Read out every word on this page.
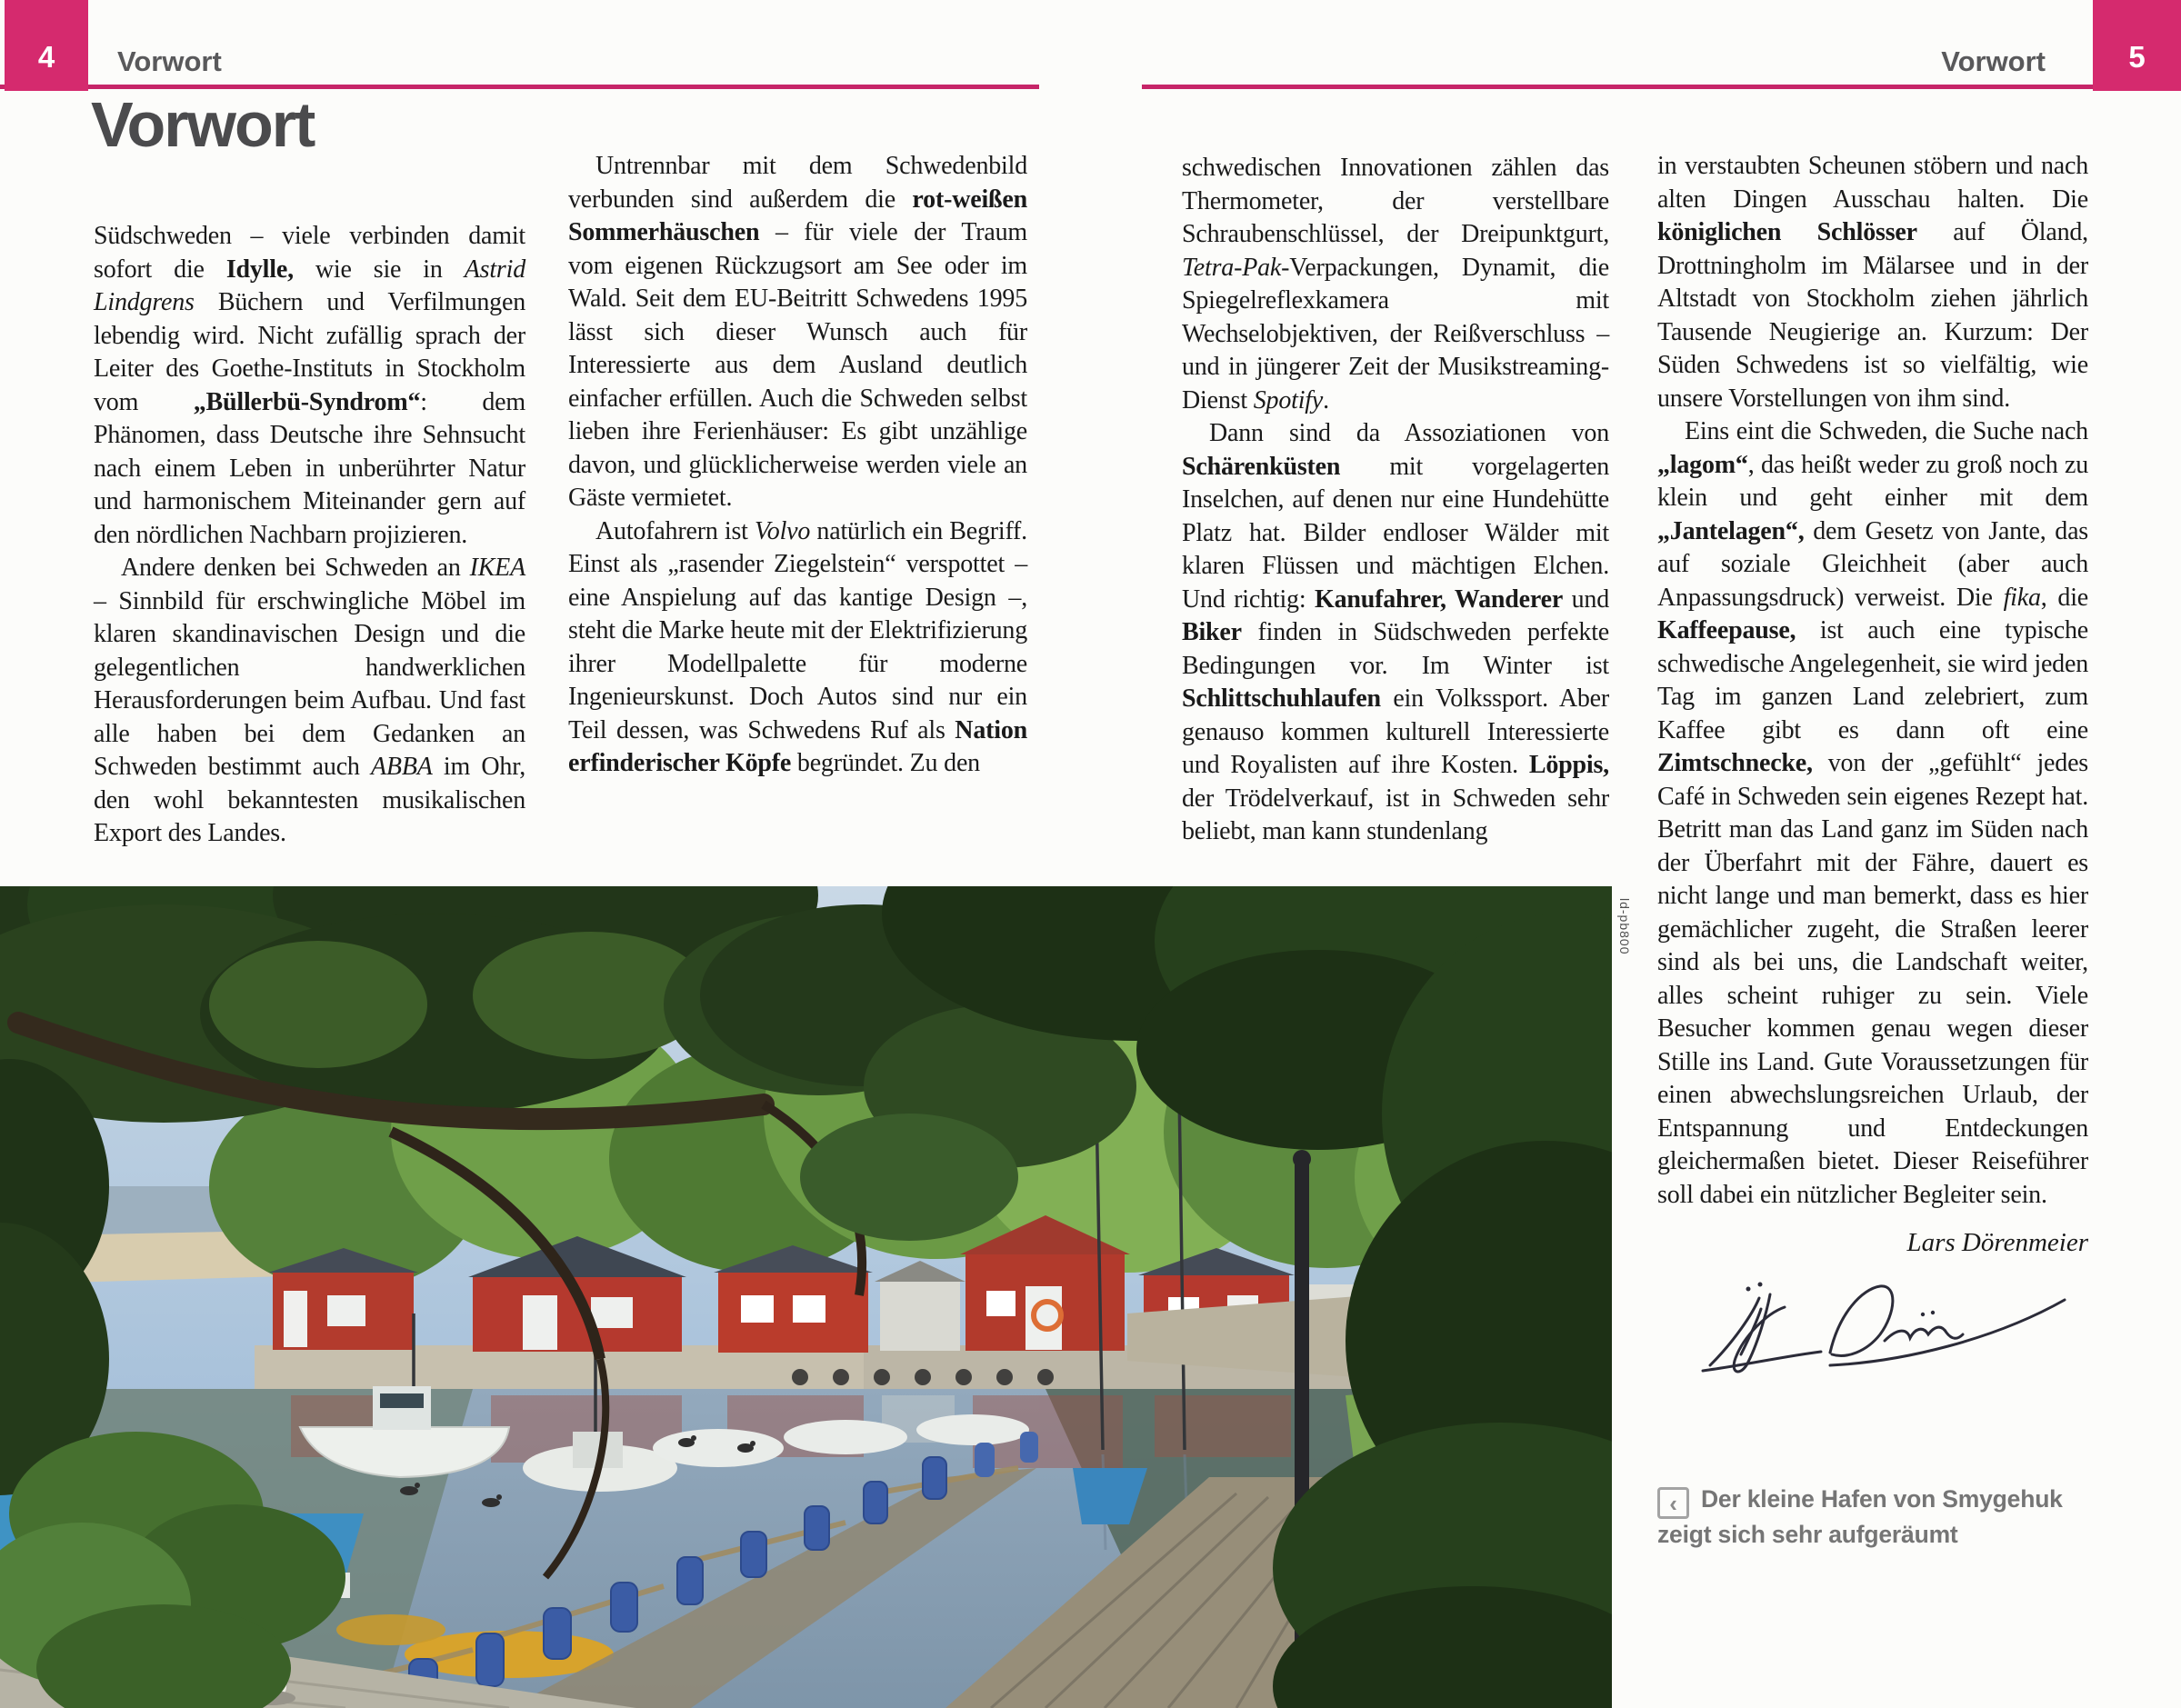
4	Vorwort	Vorwort	5
Vorwort

Südschweden – viele verbinden damit sofort die Idylle, wie sie in Astrid Lindgrens Büchern und Verfilmungen lebendig wird. Nicht zufällig sprach der Leiter des Goethe-Instituts in Stockholm vom „Büllerbü-Syndrom“: dem Phänomen, dass Deutsche ihre Sehnsucht nach einem Leben in unberührter Natur und harmonischem Miteinander gern auf den nördlichen Nachbarn projizieren.

Andere denken bei Schweden an IKEA – Sinnbild für erschwingliche Möbel im klaren skandinavischen Design und die gelegentlichen handwerklichen Herausforderungen beim Aufbau. Und fast alle haben bei dem Gedanken an Schweden bestimmt auch ABBA im Ohr, den wohl bekanntesten musikalischen Export des Landes.

Untrennbar mit dem Schwedenbild verbunden sind außerdem die rot-weißen Sommerhäuschen – für viele der Traum vom eigenen Rückzugsort am See oder im Wald. Seit dem EU-Beitritt Schwedens 1995 lässt sich dieser Wunsch auch für Interessierte aus dem Ausland deutlich einfacher erfüllen. Auch die Schweden selbst lieben ihre Ferienhäuser: Es gibt unzählige davon, und glücklicherweise werden viele an Gäste vermietet.

Autofahrern ist Volvo natürlich ein Begriff. Einst als „rasender Ziegelstein“ verspottet – eine Anspielung auf das kantige Design –, steht die Marke heute mit der Elektrifizierung ihrer Modellpalette für moderne Ingenieurskunst. Doch Autos sind nur ein Teil dessen, was Schwedens Ruf als Nation erfinderischer Köpfe begründet. Zu den

schwedischen Innovationen zählen das Thermometer, der verstellbare Schraubenschlüssel, der Dreipunktgurt, Tetra-Pak-Verpackungen, Dynamit, die Spiegelreflexkamera mit Wechselobjektiven, der Reißverschluss – und in jüngerer Zeit der Musikstreaming-Dienst Spotify.

Dann sind da Assoziationen von Schärenküsten mit vorgelagerten Inselchen, auf denen nur eine Hundehütte Platz hat. Bilder endloser Wälder mit klaren Flüssen und mächtigen Elchen. Und richtig: Kanufahrer, Wanderer und Biker finden in Südschweden perfekte Bedingungen vor. Im Winter ist Schlittschuhlaufen ein Volkssport. Aber genauso kommen kulturell Interessierte und Royalisten auf ihre Kosten. Löppis, der Trödelverkauf, ist in Schweden sehr beliebt, man kann stundenlang

in verstaubten Scheunen stöbern und nach alten Dingen Ausschau halten. Die königlichen Schlösser auf Öland, Drottningholm im Mälarsee und in der Altstadt von Stockholm ziehen jährlich Tausende Neugierige an. Kurzum: Der Süden Schwedens ist so vielfältig, wie unsere Vorstellungen von ihm sind.

Eins eint die Schweden, die Suche nach „lagom“, das heißt weder zu groß noch zu klein und geht einher mit dem „Jantelagen“, dem Gesetz von Jante, das auf soziale Gleichheit (aber auch Anpassungsdruck) verweist. Die fika, die Kaffeepause, ist auch eine typische schwedische Angelegenheit, sie wird jeden Tag im ganzen Land zelebriert, zum Kaffee gibt es dann oft eine Zimtschnecke, von der „gefühlt“ jedes Café in Schweden sein eigenes Rezept hat. Betritt man das Land ganz im Süden nach der Überfahrt mit der Fähre, dauert es nicht lange und man bemerkt, dass es hier gemächlicher zugeht, die Straßen leerer sind als bei uns, die Landschaft weiter, alles scheint ruhiger zu sein. Viele Besucher kommen genau wegen dieser Stille ins Land. Gute Voraussetzungen für einen abwechslungsreichen Urlaub, der Entspannung und Entdeckungen gleichermaßen bietet. Dieser Reiseführer soll dabei ein nützlicher Begleiter sein.

Lars Dörenmeier
‹ Der kleine Hafen von Smygehuk zeigt sich sehr aufgeräumt
ld-pb800
